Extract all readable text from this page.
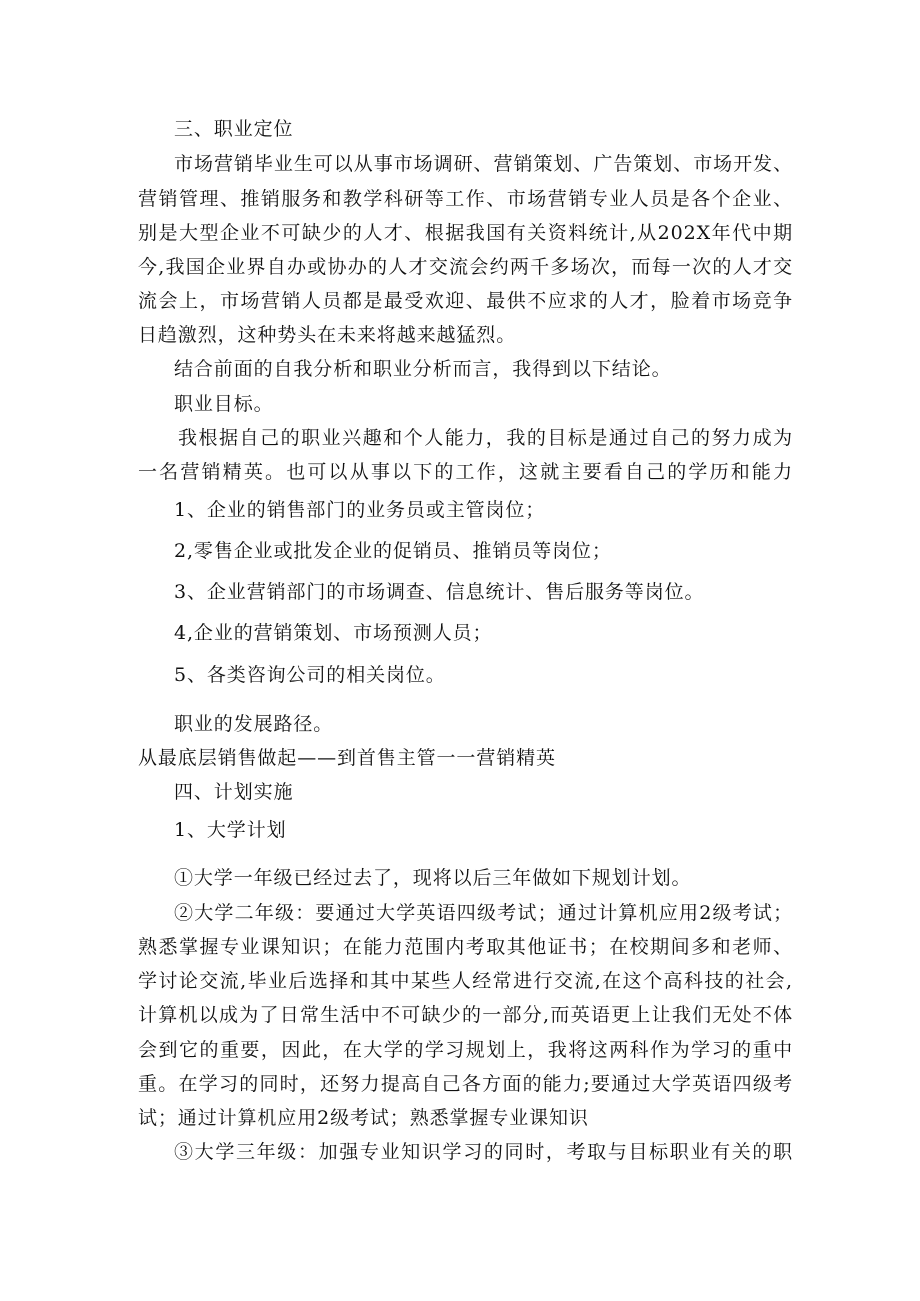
三、职业定位
市场营销毕业生可以从事市场调研、营销策划、广告策划、市场开发、
营销管理、推销服务和教学科研等工作、市场营销专业人员是各个企业、
别是大型企业不可缺少的人才、根据我国有关资料统计,从202X年代中期
今,我国企业界自办或协办的人才交流会约两千多场次，而每一次的人才交
流会上，市场营销人员都是最受欢迎、最供不应求的人才，脸着市场竞争
日趋激烈，这种势头在未来将越来越猛烈。
结合前面的自我分析和职业分析而言，我得到以下结论。
职业目标。
我根据自己的职业兴趣和个人能力，我的目标是通过自己的努力成为
一名营销精英。也可以从事以下的工作，这就主要看自己的学历和能力
1、企业的销售部门的业务员或主管岗位；
2,零售企业或批发企业的促销员、推销员等岗位；
3、企业营销部门的市场调查、信息统计、售后服务等岗位。
4,企业的营销策划、市场预测人员；
5、各类咨询公司的相关岗位。
职业的发展路径。
从最底层销售做起——到首售主管一一营销精英
四、计划实施
1、大学计划
①大学一年级已经过去了，现将以后三年做如下规划计划。
②大学二年级：要通过大学英语四级考试；通过计算机应用2级考试；
熟悉掌握专业课知识；在能力范围内考取其他证书；在校期间多和老师、
学讨论交流,毕业后选择和其中某些人经常进行交流,在这个高科技的社会,
计算机以成为了日常生活中不可缺少的一部分,而英语更上让我们无处不体
会到它的重要，因此，在大学的学习规划上，我将这两科作为学习的重中
重。在学习的同时，还努力提高自己各方面的能力;要通过大学英语四级考
试；通过计算机应用2级考试；熟悉掌握专业课知识
③大学三年级：加强专业知识学习的同时，考取与目标职业有关的职
